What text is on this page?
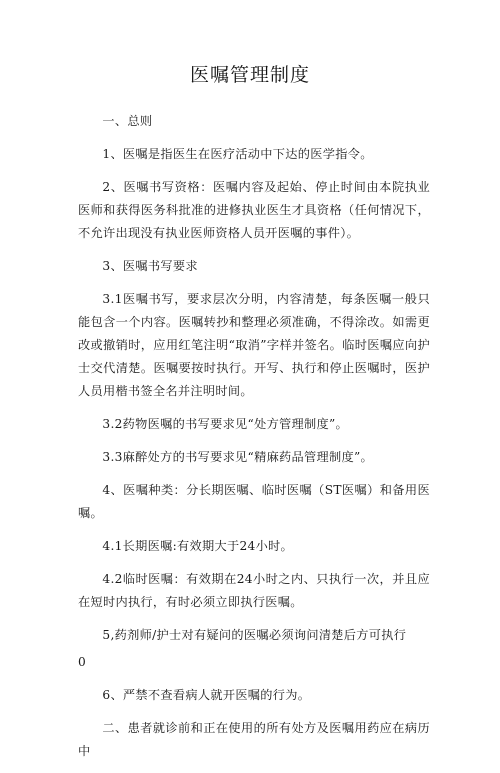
医嘱管理制度

一、总则

1、医嘱是指医生在医疗活动中下达的医学指令。

2、医嘱书写资格：医嘱内容及起始、停止时间由本院执业医师和获得医务科批准的进修执业医生才具资格（任何情况下，不允许出现没有执业医师资格人员开医嘱的事件）。

3、医嘱书写要求

3.1医嘱书写，要求层次分明，内容清楚，每条医嘱一般只能包含一个内容。医嘱转抄和整理必须准确，不得涂改。如需更改或撤销时，应用红笔注明“取消”字样并签名。临时医嘱应向护士交代清楚。医嘱要按时执行。开写、执行和停止医嘱时，医护人员用楷书签全名并注明时间。

3.2药物医嘱的书写要求见“处方管理制度”。

3.3麻醉处方的书写要求见“精麻药品管理制度”。

4、医嘱种类：分长期医嘱、临时医嘱（ST医嘱）和备用医嘱。

4.1长期医嘱:有效期大于24小时。

4.2临时医嘱：有效期在24小时之内、只执行一次，并且应在短时内执行，有时必须立即执行医嘱。

5,药剂师/护士对有疑问的医嘱必须询问清楚后方可执行

0

6、严禁不查看病人就开医嘱的行为。

二、患者就诊前和正在使用的所有处方及医嘱用药应在病历中
